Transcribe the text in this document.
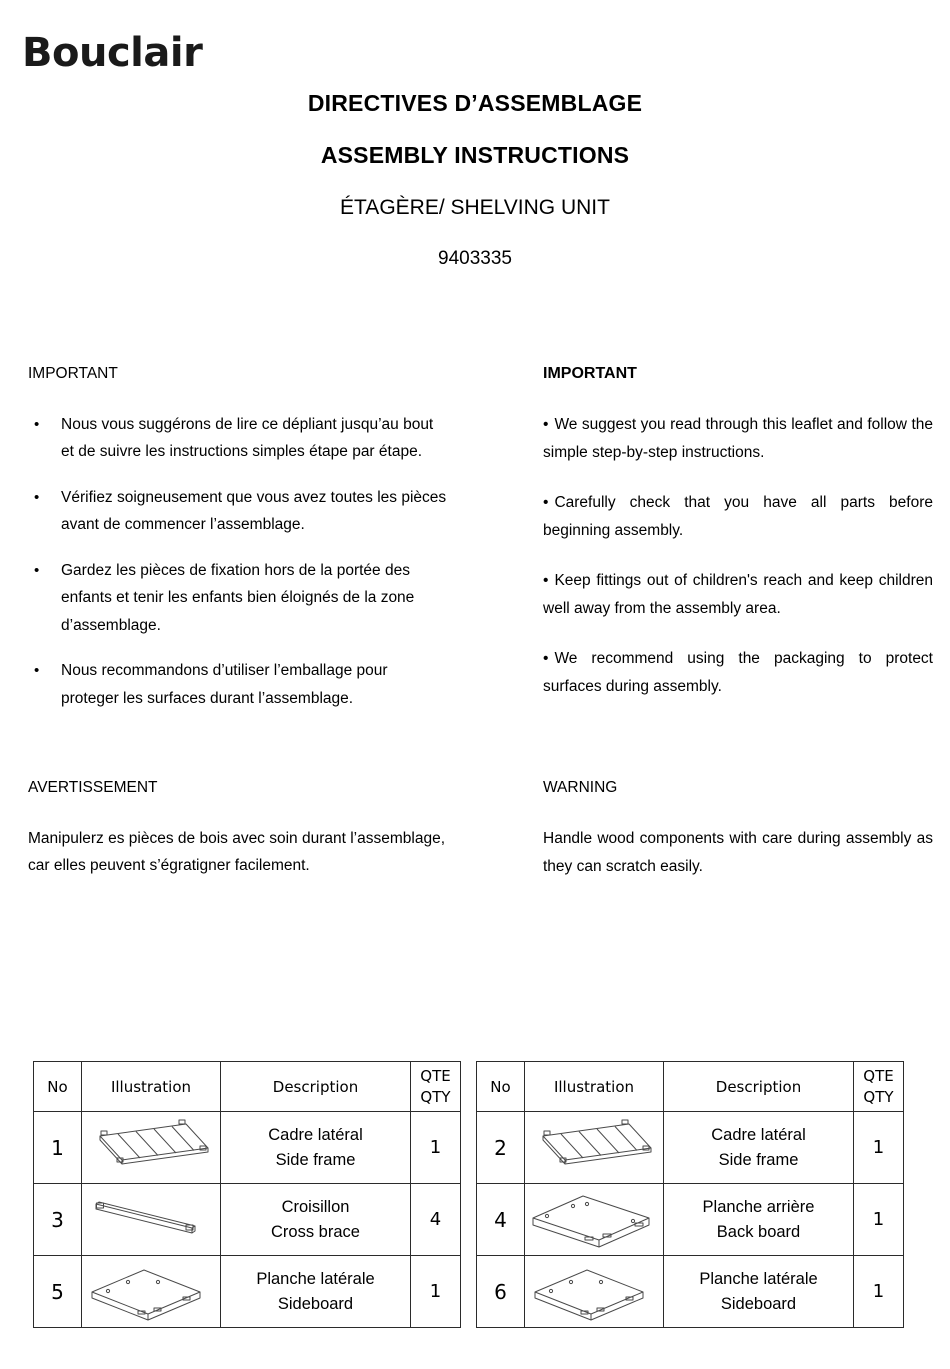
Bouclair
DIRECTIVES D’ASSEMBLAGE
ASSEMBLY INSTRUCTIONS
ÉTAGÈRE/ SHELVING UNIT
9403335
IMPORTANT
• Nous vous suggérons de lire ce dépliant jusqu’au bout et de suivre les instructions simples étape par étape.
• Vérifiez soigneusement que vous avez toutes les pièces avant de commencer l’assemblage.
• Gardez les pièces de fixation hors de la portée des enfants et tenir les enfants bien éloignés de la zone d’assemblage.
• Nous recommandons d’utiliser l’emballage pour proteger les surfaces durant l’assemblage.
AVERTISSEMENT
Manipulerz es pièces de bois avec soin durant l’assemblage, car elles peuvent s’égratigner facilement.
IMPORTANT
• We suggest you read through this leaflet and follow the simple step-by-step instructions.
• Carefully check that you have all parts before beginning assembly.
• Keep fittings out of children's reach and keep children well away from the assembly area.
• We recommend using the packaging to protect surfaces during assembly.
WARNING
Handle wood components with care during assembly as they can scratch easily.
No	Illustration	Description	QTE
QTY

1		Cadre latéral
Side frame	1
3		Croisillon
Cross brace	4
5		Planche latérale
Sideboard	1
No	Illustration	Description	QTE
QTY

2		Cadre latéral
Side frame	1
4		Planche arrière
Back board	1
6		Planche latérale
Sideboard	1
